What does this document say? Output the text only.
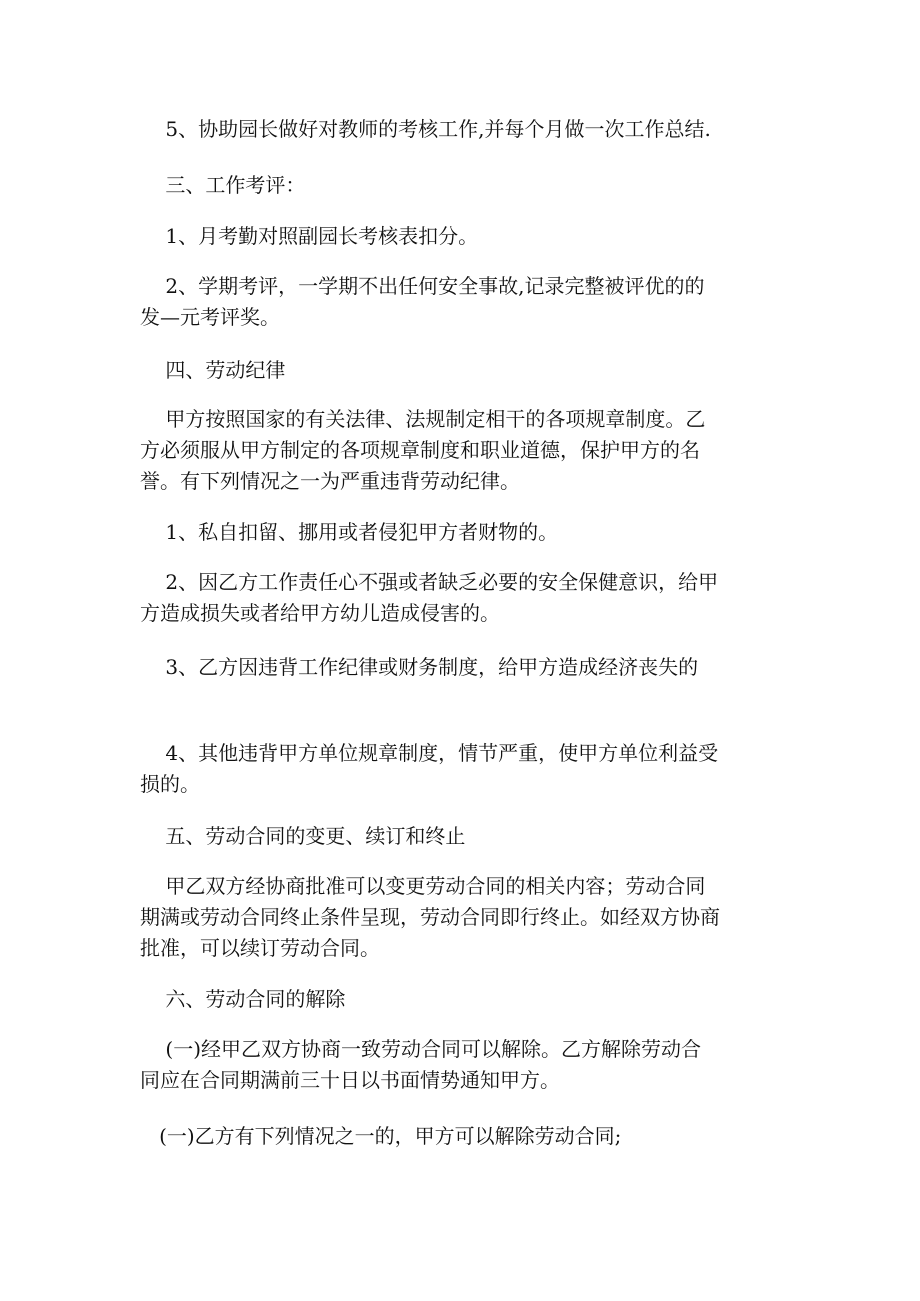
5、协助园长做好对教师的考核工作,并每个月做一次工作总结.

三、工作考评：

1、月考勤对照副园长考核表扣分。

2、学期考评，一学期不出任何安全事故,记录完整被评优的的
发—元考评奖。

四、劳动纪律

甲方按照国家的有关法律、法规制定相干的各项规章制度。乙
方必须服从甲方制定的各项规章制度和职业道德，保护甲方的名
誉。有下列情况之一为严重违背劳动纪律。

1、私自扣留、挪用或者侵犯甲方者财物的。

2、因乙方工作责任心不强或者缺乏必要的安全保健意识，给甲
方造成损失或者给甲方幼儿造成侵害的。

3、乙方因违背工作纪律或财务制度，给甲方造成经济丧失的

4、其他违背甲方单位规章制度，情节严重，使甲方单位利益受
损的。

五、劳动合同的变更、续订和终止

甲乙双方经协商批准可以变更劳动合同的相关内容；劳动合同
期满或劳动合同终止条件呈现，劳动合同即行终止。如经双方协商
批准，可以续订劳动合同。

六、劳动合同的解除

(一)经甲乙双方协商一致劳动合同可以解除。乙方解除劳动合
同应在合同期满前三十日以书面情势通知甲方。

(一)乙方有下列情况之一的，甲方可以解除劳动合同;
